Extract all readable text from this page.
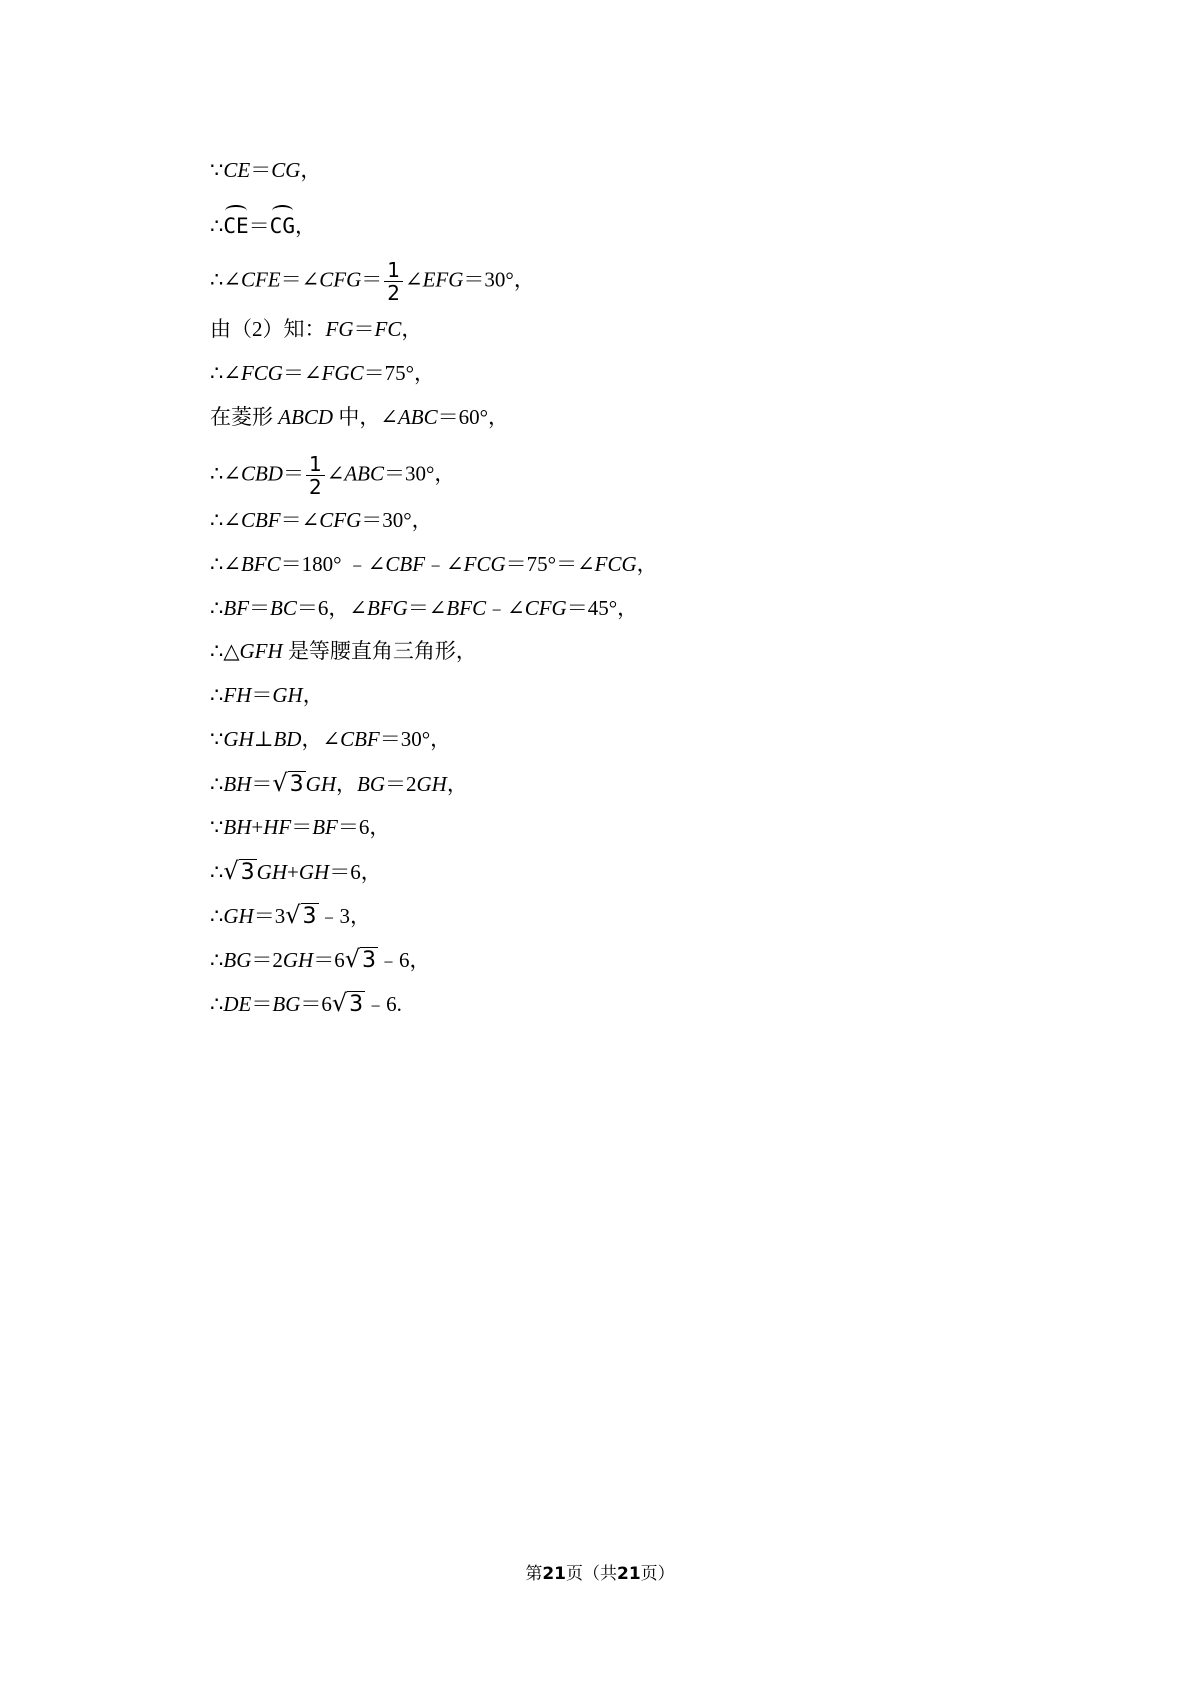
∵CE＝CG，
∴CE＝CG，
∴∠CFE＝∠CFG＝ $\frac{1}{2}$ ∠EFG＝30°，
由（2）知：FG＝FC，
∴∠FCG＝∠FGC＝75°，
在菱形 ABCD 中，∠ABC＝60°，
∴∠CBD＝ $\frac{1}{2}$ ∠ABC＝30°，
∴∠CBF＝∠CFG＝30°，
∴∠BFC＝180° ﹣∠CBF﹣∠FCG＝75°＝∠FCG，
∴BF＝BC＝6，∠BFG＝∠BFC﹣∠CFG＝45°，
∴△GFH 是等腰直角三角形，
∴FH＝GH，
∵GH⊥BD，∠CBF＝30°，
∴BH＝√3GH，BG＝2GH，
∵BH+HF＝BF＝6，
∴√3GH+GH＝6，
∴GH＝3√3﹣3，
∴BG＝2GH＝6√3﹣6，
∴DE＝BG＝6√3﹣6.
第21页（共21页）
